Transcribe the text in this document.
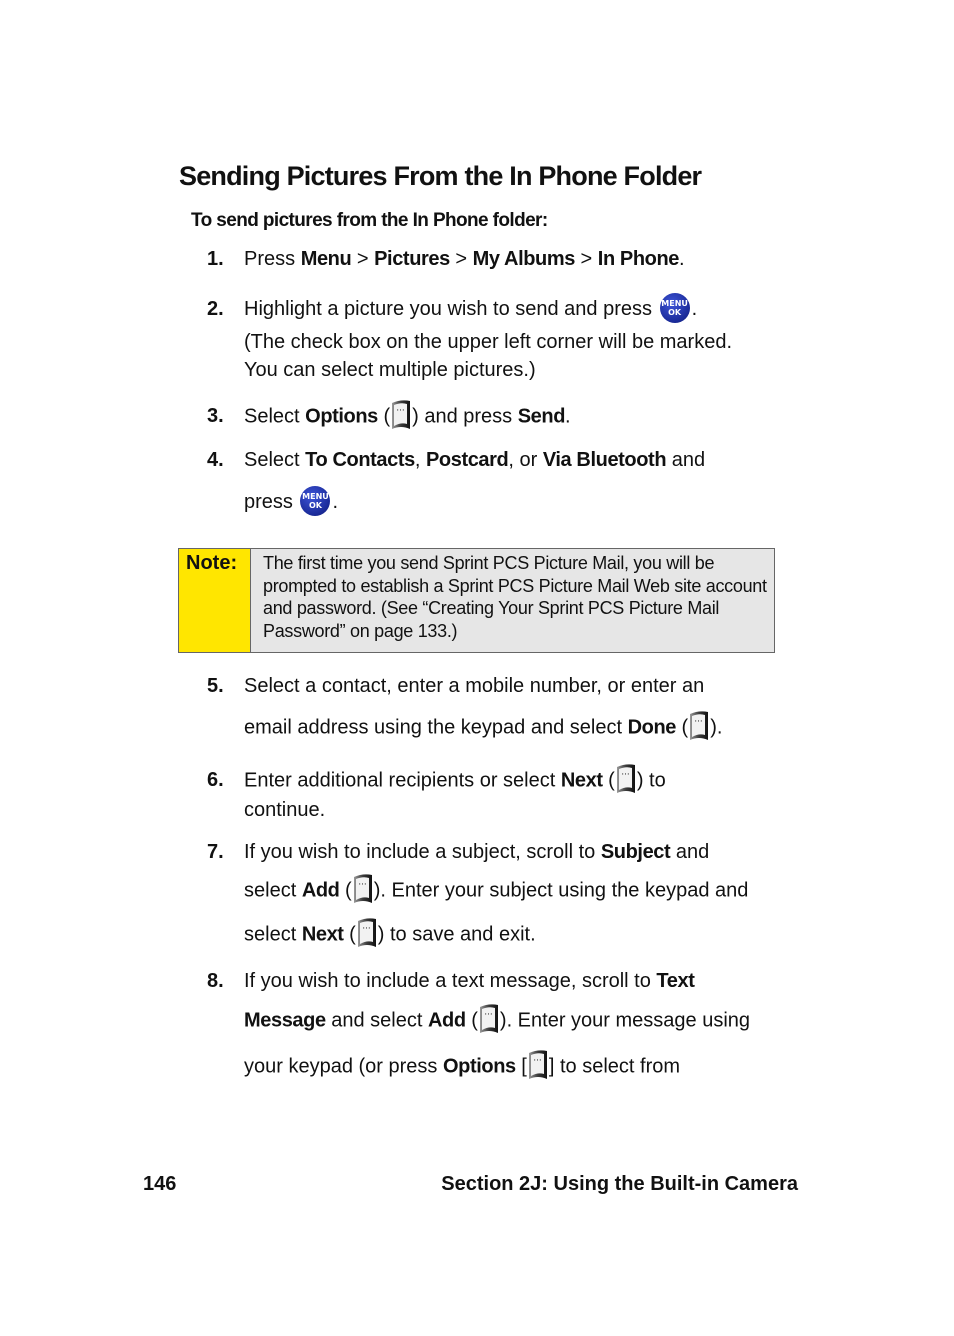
Sending Pictures From the In Phone Folder

To send pictures from the In Phone folder:

1. Press Menu > Pictures > My Albums > In Phone.
2. Highlight a picture you wish to send and press MENU
OK .
(The check box on the upper left corner will be marked.
You can select multiple pictures.)
3. Select Options ( ··· ) and press Send.
4. Select To Contacts, Postcard, or Via Bluetooth and
press MENU
OK .
Note:	The first time you send Sprint PCS Picture Mail, you will be prompted to establish a Sprint PCS Picture Mail Web site account and password. (See “Creating Your Sprint PCS Picture Mail Password” on page 133.)
5. Select a contact, enter a mobile number, or enter an
email address using the keypad and select Done ( ··· ).
6. Enter additional recipients or select Next ( ··· ) to
continue.
7. If you wish to include a subject, scroll to Subject and
select Add ( ··· ). Enter your subject using the keypad and
select Next ( ··· ) to save and exit.
8. If you wish to include a text message, scroll to Text
Message and select Add ( ··· ). Enter your message using
your keypad (or press Options [ ··· ] to select from
146	Section 2J: Using the Built-in Camera
